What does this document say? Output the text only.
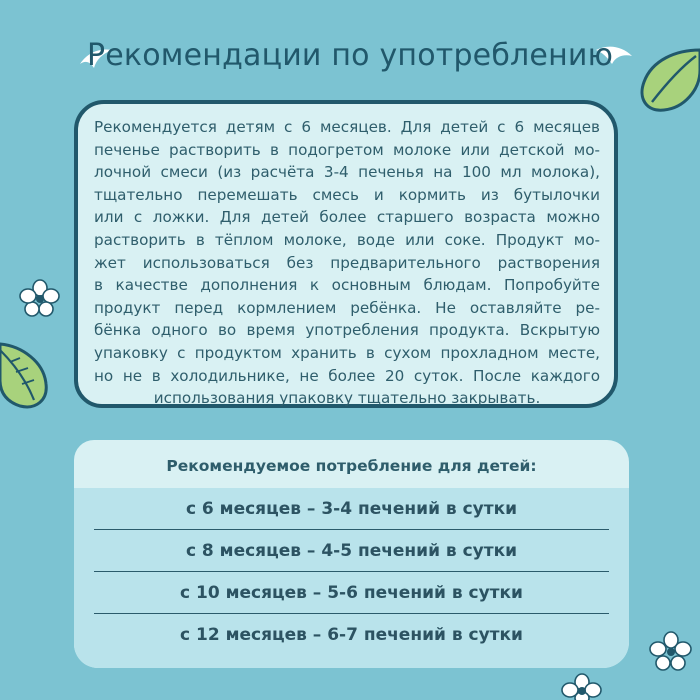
Рекомендации по употреблению

Рекомендуется детям с 6 месяцев. Для детей с 6 месяцев
печенье растворить в подогретом молоке или детской мо-
лочной смеси (из расчёта 3-4 печенья на 100 мл молока),
тщательно перемешать смесь и кормить из бутылочки
или с ложки. Для детей более старшего возраста можно
растворить в тёплом молоке, воде или соке. Продукт мо-
жет использоваться без предварительного растворения
в качестве дополнения к основным блюдам. Попробуйте
продукт перед кормлением ребёнка. Не оставляйте ре-
бёнка одного во время употребления продукта. Вскрытую
упаковку с продуктом хранить в сухом прохладном месте,
но не в холодильнике, не более 20 суток. После каждого
использования упаковку тщательно закрывать.

Рекомендуемое потребление для детей:
с 6 месяцев – 3-4 печений в сутки
с 8 месяцев – 4-5 печений в сутки
с 10 месяцев – 5-6 печений в сутки
с 12 месяцев – 6-7 печений в сутки
